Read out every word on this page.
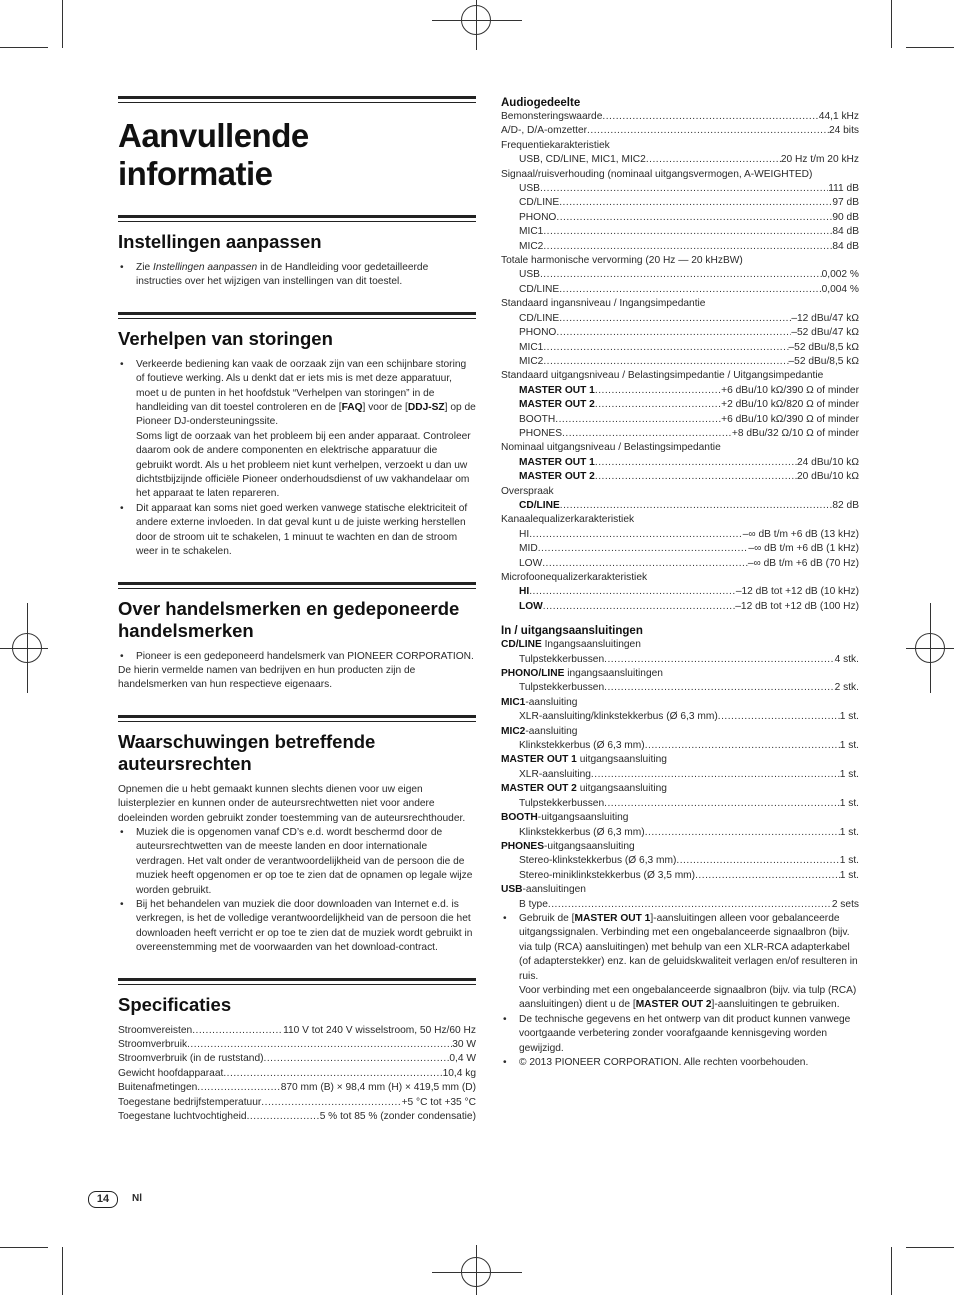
Aanvullende
informatie
Instellingen aanpassen
• Zie Instellingen aanpassen in de Handleiding voor gedetailleerde instructies over het wijzigen van instellingen van dit toestel.
Verhelpen van storingen
• Verkeerde bediening kan vaak de oorzaak zijn van een schijnbare storing of foutieve werking. Als u denkt dat er iets mis is met deze apparatuur, moet u de punten in het hoofdstuk “Verhelpen van storingen” in de handleiding van dit toestel controleren en de [FAQ] voor de [DDJ-SZ] op de Pioneer DJ-ondersteuningssite.
Soms ligt de oorzaak van het probleem bij een ander apparaat. Controleer daarom ook de andere componenten en elektrische apparatuur die gebruikt wordt. Als u het probleem niet kunt verhelpen, verzoekt u dan uw dichtstbijzijnde officiële Pioneer onderhoudsdienst of uw vakhandelaar om het apparaat te laten repareren.
• Dit apparaat kan soms niet goed werken vanwege statische elektriciteit of andere externe invloeden. In dat geval kunt u de juiste werking herstellen door de stroom uit te schakelen, 1 minuut te wachten en dan de stroom weer in te schakelen.
Over handelsmerken en gedeponeerde handelsmerken
• Pioneer is een gedeponeerd handelsmerk van PIONEER CORPORATION.
De hierin vermelde namen van bedrijven en hun producten zijn de handelsmerken van hun respectieve eigenaars.
Waarschuwingen betreffende auteursrechten
Opnemen die u hebt gemaakt kunnen slechts dienen voor uw eigen luisterplezier en kunnen onder de auteursrechtwetten niet voor andere doeleinden worden gebruikt zonder toestemming van de auteursrechthouder.
• Muziek die is opgenomen vanaf CD’s e.d. wordt beschermd door de auteursrechtwetten van de meeste landen en door internationale verdragen. Het valt onder de verantwoordelijkheid van de persoon die de muziek heeft opgenomen er op toe te zien dat de opnamen op legale wijze worden gebruikt.
• Bij het behandelen van muziek die door downloaden van Internet e.d. is verkregen, is het de volledige verantwoordelijkheid van de persoon die het downloaden heeft verricht er op toe te zien dat de muziek wordt gebruikt in overeenstemming met de voorwaarden van het download-contract.
Specificaties
Stroomvereisten .....	110 V tot 240 V wisselstroom, 50 Hz/60 Hz
Stroomverbruik .....	30 W
Stroomverbruik (in de ruststand) .....	0,4 W
Gewicht hoofdapparaat .....	10,4 kg
Buitenafmetingen .....	870 mm (B) × 98,4 mm (H) × 419,5 mm (D)
Toegestane bedrijfstemperatuur .....	+5 °C tot +35 °C
Toegestane luchtvochtigheid .....	5 % tot 85 % (zonder condensatie)
Audiogedeelte
Bemonsteringswaarde .....	44,1 kHz
A/D-, D/A-omzetter .....	24 bits
Frequentiekarakteristiek
USB, CD/LINE, MIC1, MIC2 .....	20 Hz t/m 20 kHz
Signaal/ruisverhouding (nominaal uitgangsvermogen, A-WEIGHTED)
USB .....	111 dB
CD/LINE .....	97 dB
PHONO .....	90 dB
MIC1 .....	84 dB
MIC2 .....	84 dB
Totale harmonische vervorming (20 Hz — 20 kHzBW)
USB .....	0,002 %
CD/LINE .....	0,004 %
Standaard ingansniveau / Ingangsimpedantie
CD/LINE .....	–12 dBu/47 kΩ
PHONO .....	–52 dBu/47 kΩ
MIC1 .....	–52 dBu/8,5 kΩ
MIC2 .....	–52 dBu/8,5 kΩ
Standaard uitgangsniveau / Belastingsimpedantie / Uitgangsimpedantie
MASTER OUT 1 .....	+6 dBu/10 kΩ/390 Ω of minder
MASTER OUT 2 .....	+2 dBu/10 kΩ/820 Ω of minder
BOOTH .....	+6 dBu/10 kΩ/390 Ω of minder
PHONES .....	+8 dBu/32 Ω/10 Ω of minder
Nominaal uitgangsniveau / Belastingsimpedantie
MASTER OUT 1 .....	24 dBu/10 kΩ
MASTER OUT 2 .....	20 dBu/10 kΩ
Overspraak
CD/LINE .....	82 dB
Kanaalequalizerkarakteristiek
HI .....	–∞ dB t/m +6 dB (13 kHz)
MID .....	–∞ dB t/m +6 dB (1 kHz)
LOW .....	–∞ dB t/m +6 dB (70 Hz)
Microfoonequalizerkarakteristiek
HI .....	–12 dB tot +12 dB (10 kHz)
LOW .....	–12 dB tot +12 dB (100 Hz)
In / uitgangsaansluitingen
CD/LINE Ingangsaansluitingen
Tulpstekkerbussen .....	4 stk.
PHONO/LINE ingangsaansluitingen
Tulpstekkerbussen .....	2 stk.
MIC1-aansluiting
XLR-aansluiting/klinkstekkerbus (Ø 6,3 mm) .....	1 st.
MIC2-aansluiting
Klinkstekkerbus (Ø 6,3 mm) .....	1 st.
MASTER OUT 1 uitgangsaansluiting
XLR-aansluiting .....	1 st.
MASTER OUT 2 uitgangsaansluiting
Tulpstekkerbussen .....	1 st.
BOOTH-uitgangsaansluiting
Klinkstekkerbus (Ø 6,3 mm) .....	1 st.
PHONES-uitgangsaansluiting
Stereo-klinkstekkerbus (Ø 6,3 mm) .....	1 st.
Stereo-miniklinkstekkerbus (Ø 3,5 mm) .....	1 st.
USB-aansluitingen
B type .....	2 sets
• Gebruik de [MASTER OUT 1]-aansluitingen alleen voor gebalanceerde uitgangssignalen. Verbinding met een ongebalanceerde signaalbron (bijv. via tulp (RCA) aansluitingen) met behulp van een XLR-RCA adapterkabel (of adapterstekker) enz. kan de geluidskwaliteit verlagen en/of resulteren in ruis.
Voor verbinding met een ongebalanceerde signaalbron (bijv. via tulp (RCA) aansluitingen) dient u de [MASTER OUT 2]-aansluitingen te gebruiken.
• De technische gegevens en het ontwerp van dit product kunnen vanwege voortgaande verbetering zonder voorafgaande kennisgeving worden gewijzigd.
• © 2013 PIONEER CORPORATION. Alle rechten voorbehouden.
14	Nl
